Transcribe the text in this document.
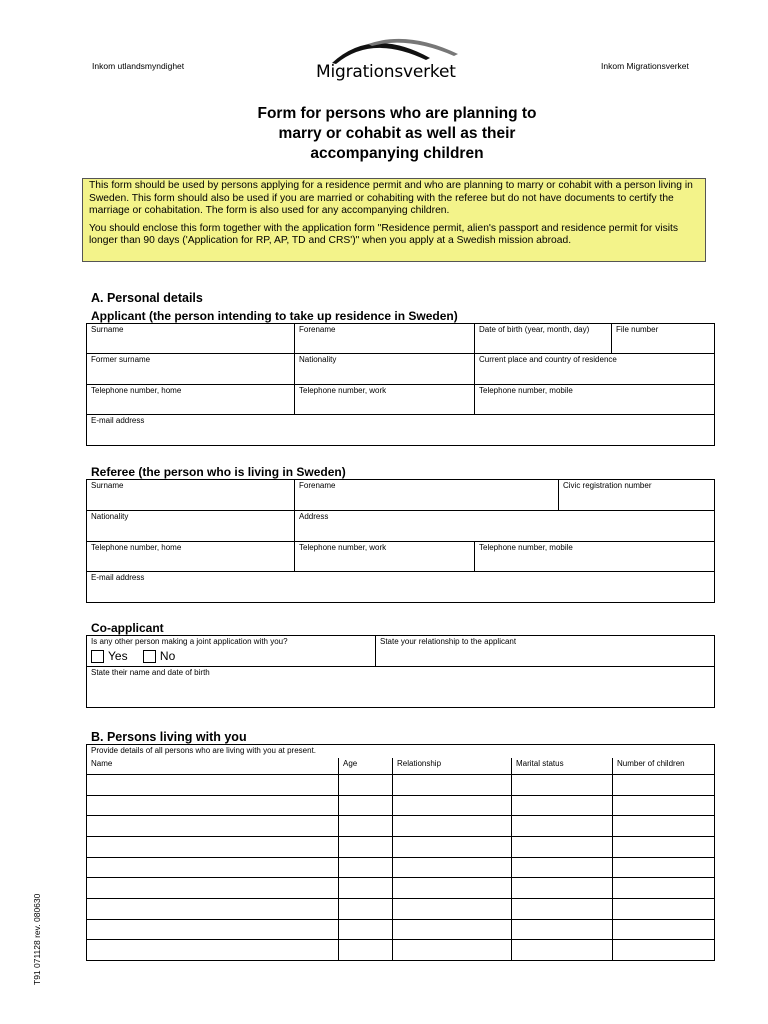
Inkom utlandsmyndighet	Inkom Migrationsverket
Migrationsverket
Form for persons who are planning to
marry or cohabit as well as their
accompanying children

This form should be used by persons applying for a residence permit and who are planning to marry or cohabit with a person living in Sweden. This form should also be used if you are married or cohabiting with the referee but do not have documents to certify the marriage or cohabitation. The form is also used for any accompanying children.

You should enclose this form together with the application form "Residence permit, alien's passport and residence permit for visits longer than 90 days ('Application for RP, AP, TD and CRS')" when you apply at a Swedish mission abroad.

A. Personal details
Applicant (the person intending to take up residence in Sweden)
Surname	Forename	Date of birth (year, month, day)	File number
Former surname	Nationality	Current place and country of residence	
Telephone number, home	Telephone number, work	Telephone number, mobile	
E-mail address			
Referee (the person who is living in Sweden)
Surname	Forename		Civic registration number
Nationality	Address		
Telephone number, home	Telephone number, work	Telephone number, mobile	
E-mail address			
Co-applicant
Is any other person making a joint application with you?
Yes	No
	State your relationship to the applicant
State their name and date of birth
B. Persons living with you
Provide details of all persons who are living with you at present.				
Name	Age	Relationship	Marital status	Number of children

T91 071128 rev. 080630
